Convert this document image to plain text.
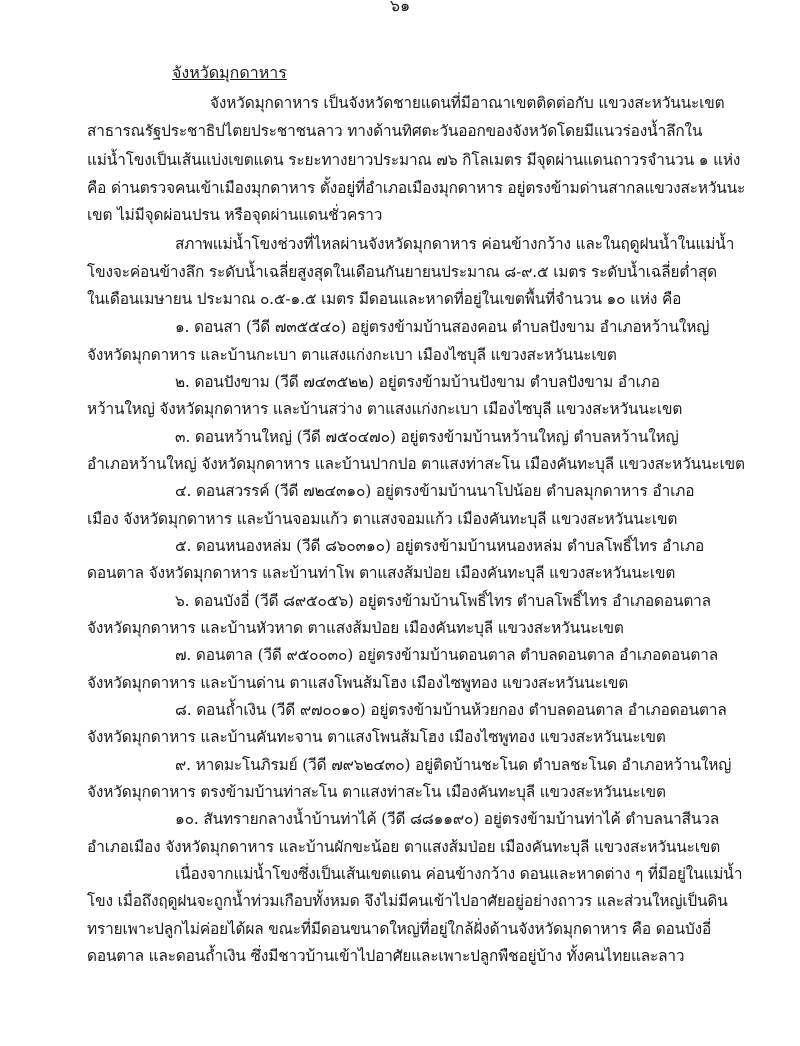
๖๑
จังหวัดมุกดาหาร
จังหวัดมุกดาหาร เป็นจังหวัดชายแดนที่มีอาณาเขตติดต่อกับ แขวงสะหวันนะเขต
สาธารณรัฐประชาธิปไตยประชาชนลาว ทางด้านทิศตะวันออกของจังหวัดโดยมีแนวร่องน้ำลึกใน
แม่น้ำโขงเป็นเส้นแบ่งเขตแดน ระยะทางยาวประมาณ ๗๖ กิโลเมตร มีจุดผ่านแดนถาวรจำนวน ๑ แห่ง
คือ ด่านตรวจคนเข้าเมืองมุกดาหาร ตั้งอยู่ที่อำเภอเมืองมุกดาหาร อยู่ตรงข้ามด่านสากลแขวงสะหวันนะ
เขต ไม่มีจุดผ่อนปรน หรือจุดผ่านแดนชั่วคราว
สภาพแม่น้ำโขงช่วงที่ไหลผ่านจังหวัดมุกดาหาร ค่อนข้างกว้าง และในฤดูฝนน้ำในแม่น้ำ
โขงจะค่อนข้างลึก ระดับน้ำเฉลี่ยสูงสุดในเดือนกันยายนประมาณ ๘-๙.๕ เมตร ระดับน้ำเฉลี่ยต่ำสุด
ในเดือนเมษายน ประมาณ ๐.๕-๑.๕ เมตร มีดอนและหาดที่อยู่ในเขตพื้นที่จำนวน ๑๐ แห่ง คือ
๑. ดอนสา (วีดี ๗๓๕๕๔๐) อยู่ตรงข้ามบ้านสองคอน ตำบลปังขาม อำเภอหว้านใหญ่
จังหวัดมุกดาหาร และบ้านกะเบา ตาแสงแก่งกะเบา เมืองไซบุลี แขวงสะหวันนะเขต
๒. ดอนปังขาม (วีดี ๗๔๓๕๒๒) อยู่ตรงข้ามบ้านปังขาม ตำบลปังขาม อำเภอ
หว้านใหญ่ จังหวัดมุกดาหาร และบ้านสว่าง ตาแสงแก่งกะเบา เมืองไซบุลี แขวงสะหวันนะเขต
๓. ดอนหว้านใหญ่ (วีดี ๗๕๐๔๗๐) อยู่ตรงข้ามบ้านหว้านใหญ่ ตำบลหว้านใหญ่
อำเภอหว้านใหญ่ จังหวัดมุกดาหาร และบ้านปากปอ ตาแสงท่าสะโน เมืองคันทะบุลี แขวงสะหวันนะเขต
๔. ดอนสวรรค์ (วีดี ๗๒๔๓๑๐) อยู่ตรงข้ามบ้านนาโปน้อย ตำบลมุกดาหาร อำเภอ
เมือง จังหวัดมุกดาหาร และบ้านจอมแก้ว ตาแสงจอมแก้ว เมืองคันทะบุลี แขวงสะหวันนะเขต
๕. ดอนหนองหล่ม (วีดี ๘๖๐๓๑๐) อยู่ตรงข้ามบ้านหนองหล่ม ตำบลโพธิ์ไทร อำเภอ
ดอนตาล จังหวัดมุกดาหาร และบ้านท่าโพ ตาแสงส้มป่อย เมืองคันทะบุลี แขวงสะหวันนะเขต
๖. ดอนบังอี่ (วีดี ๘๙๕๐๕๖) อยู่ตรงข้ามบ้านโพธิ์ไทร ตำบลโพธิ์ไทร อำเภอดอนตาล
จังหวัดมุกดาหาร และบ้านหัวหาด ตาแสงส้มป่อย เมืองคันทะบุลี แขวงสะหวันนะเขต
๗. ดอนตาล (วีดี ๙๕๐๐๓๐) อยู่ตรงข้ามบ้านดอนตาล ตำบลดอนตาล อำเภอดอนตาล
จังหวัดมุกดาหาร และบ้านด่าน ตาแสงโพนส้มโฮง เมืองไซพูทอง แขวงสะหวันนะเขต
๘. ดอนถ้ำเงิน (วีดี ๙๗๐๐๑๐) อยู่ตรงข้ามบ้านห้วยกอง ตำบลดอนตาล อำเภอดอนตาล
จังหวัดมุกดาหาร และบ้านคันทะจาน ตาแสงโพนส้มโฮง เมืองไซพูทอง แขวงสะหวันนะเขต
๙. หาดมะโนภิรมย์ (วีดี ๗๙๖๒๔๓๐) อยู่ติดบ้านชะโนด ตำบลชะโนด อำเภอหว้านใหญ่
จังหวัดมุกดาหาร ตรงข้ามบ้านท่าสะโน ตาแสงท่าสะโน เมืองคันทะบุลี แขวงสะหวันนะเขต
๑๐. สันทรายกลางน้ำบ้านท่าไค้ (วีดี ๘๘๑๑๙๐) อยู่ตรงข้ามบ้านท่าไค้ ตำบลนาสีนวล
อำเภอเมือง จังหวัดมุกดาหาร และบ้านผักขะน้อย ตาแสงส้มป่อย เมืองคันทะบุลี แขวงสะหวันนะเขต
เนื่องจากแม่น้ำโขงซึ่งเป็นเส้นเขตแดน ค่อนข้างกว้าง ดอนและหาดต่าง ๆ ที่มีอยู่ในแม่น้ำ
โขง เมื่อถึงฤดูฝนจะถูกน้ำท่วมเกือบทั้งหมด จึงไม่มีคนเข้าไปอาศัยอยู่อย่างถาวร และส่วนใหญ่เป็นดิน
ทรายเพาะปลูกไม่ค่อยได้ผล ขณะที่มีดอนขนาดใหญ่ที่อยู่ใกล้ฝั่งด้านจังหวัดมุกดาหาร คือ ดอนบังอี่
ดอนตาล และดอนถ้ำเงิน ซึ่งมีชาวบ้านเข้าไปอาศัยและเพาะปลูกพืชอยู่บ้าง ทั้งคนไทยและลาว
